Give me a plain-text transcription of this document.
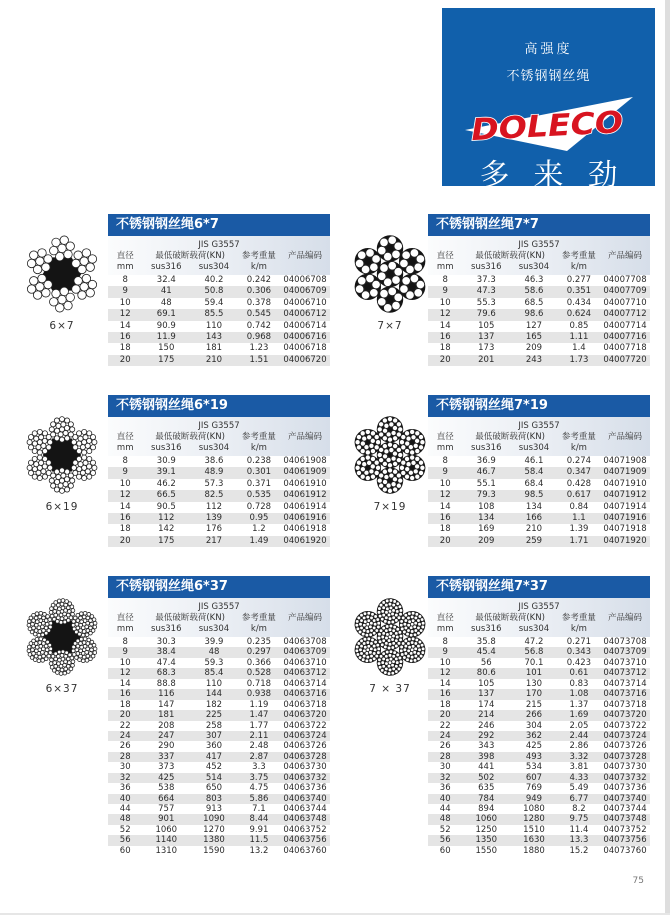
高强度
不锈钢钢丝绳
DOLECO
多来劲
6×7
不锈钢钢丝绳6*7
JIS G3557
直径	最低破断载荷(KN)	参考重量	产品编码
mm	sus316	sus304	k/m
8	32.4	40.2	0.242	04006708
9	41	50.8	0.306	04006709
10	48	59.4	0.378	04006710
12	69.1	85.5	0.545	04006712
14	90.9	110	0.742	04006714
16	11.9	143	0.968	04006716
18	150	181	1.23	04006718
20	175	210	1.51	04006720
7×7
不锈钢钢丝绳7*7
JIS G3557
直径	最低破断载荷(KN)	参考重量	产品编码
mm	sus316	sus304	k/m
8	37.3	46.3	0.277	04007708
9	47.3	58.6	0.351	04007709
10	55.3	68.5	0.434	04007710
12	79.6	98.6	0.624	04007712
14	105	127	0.85	04007714
16	137	165	1.11	04007716
18	173	209	1.4	04007718
20	201	243	1.73	04007720
6×19
不锈钢钢丝绳6*19
JIS G3557
直径	最低破断载荷(KN)	参考重量	产品编码
mm	sus316	sus304	k/m
8	30.9	38.6	0.238	04061908
9	39.1	48.9	0.301	04061909
10	46.2	57.3	0.371	04061910
12	66.5	82.5	0.535	04061912
14	90.5	112	0.728	04061914
16	112	139	0.95	04061916
18	142	176	1.2	04061918
20	175	217	1.49	04061920
7×19
不锈钢钢丝绳7*19
JIS G3557
直径	最低破断载荷(KN)	参考重量	产品编码
mm	sus316	sus304	k/m
8	36.9	46.1	0.274	04071908
9	46.7	58.4	0.347	04071909
10	55.1	68.4	0.428	04071910
12	79.3	98.5	0.617	04071912
14	108	134	0.84	04071914
16	134	166	1.1	04071916
18	169	210	1.39	04071918
20	209	259	1.71	04071920
6×37
不锈钢钢丝绳6*37
JIS G3557
直径	最低破断载荷(KN)	参考重量	产品编码
mm	sus316	sus304	k/m
8	30.3	39.9	0.235	04063708
9	38.4	48	0.297	04063709
10	47.4	59.3	0.366	04063710
12	68.3	85.4	0.528	04063712
14	88.8	110	0.718	04063714
16	116	144	0.938	04063716
18	147	182	1.19	04063718
20	181	225	1.47	04063720
22	208	258	1.77	04063722
24	247	307	2.11	04063724
26	290	360	2.48	04063726
28	337	417	2.87	04063728
30	373	452	3.3	04063730
32	425	514	3.75	04063732
36	538	650	4.75	04063736
40	664	803	5.86	04063740
44	757	913	7.1	04063744
48	901	1090	8.44	04063748
52	1060	1270	9.91	04063752
56	1140	1380	11.5	04063756
60	1310	1590	13.2	04063760
7 × 37
不锈钢钢丝绳7*37
JIS G3557
直径	最低破断载荷(KN)	参考重量	产品编码
mm	sus316	sus304	k/m
8	35.8	47.2	0.271	04073708
9	45.4	56.8	0.343	04073709
10	56	70.1	0.423	04073710
12	80.6	101	0.61	04073712
14	105	130	0.83	04073714
16	137	170	1.08	04073716
18	174	215	1.37	04073718
20	214	266	1.69	04073720
22	246	304	2.05	04073722
24	292	362	2.44	04073724
26	343	425	2.86	04073726
28	398	493	3.32	04073728
30	441	534	3.81	04073730
32	502	607	4.33	04073732
36	635	769	5.49	04073736
40	784	949	6.77	04073740
44	894	1080	8.2	04073744
48	1060	1280	9.75	04073748
52	1250	1510	11.4	04073752
56	1350	1630	13.3	04073756
60	1550	1880	15.2	04073760
75
